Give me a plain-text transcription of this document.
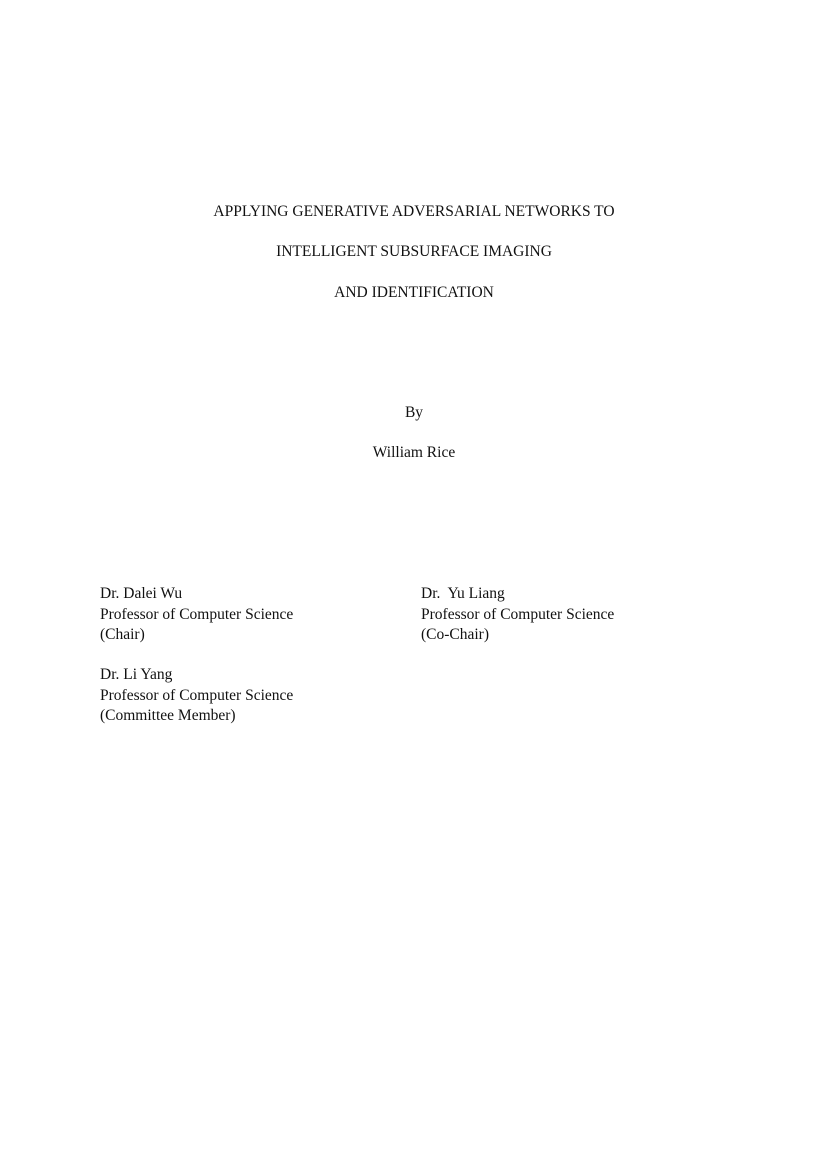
APPLYING GENERATIVE ADVERSARIAL NETWORKS TO
INTELLIGENT SUBSURFACE IMAGING
AND IDENTIFICATION
By
William Rice
Dr. Dalei Wu
Professor of Computer Science
(Chair)
Dr.  Yu Liang
Professor of Computer Science
(Co-Chair)
Dr. Li Yang
Professor of Computer Science
(Committee Member)
